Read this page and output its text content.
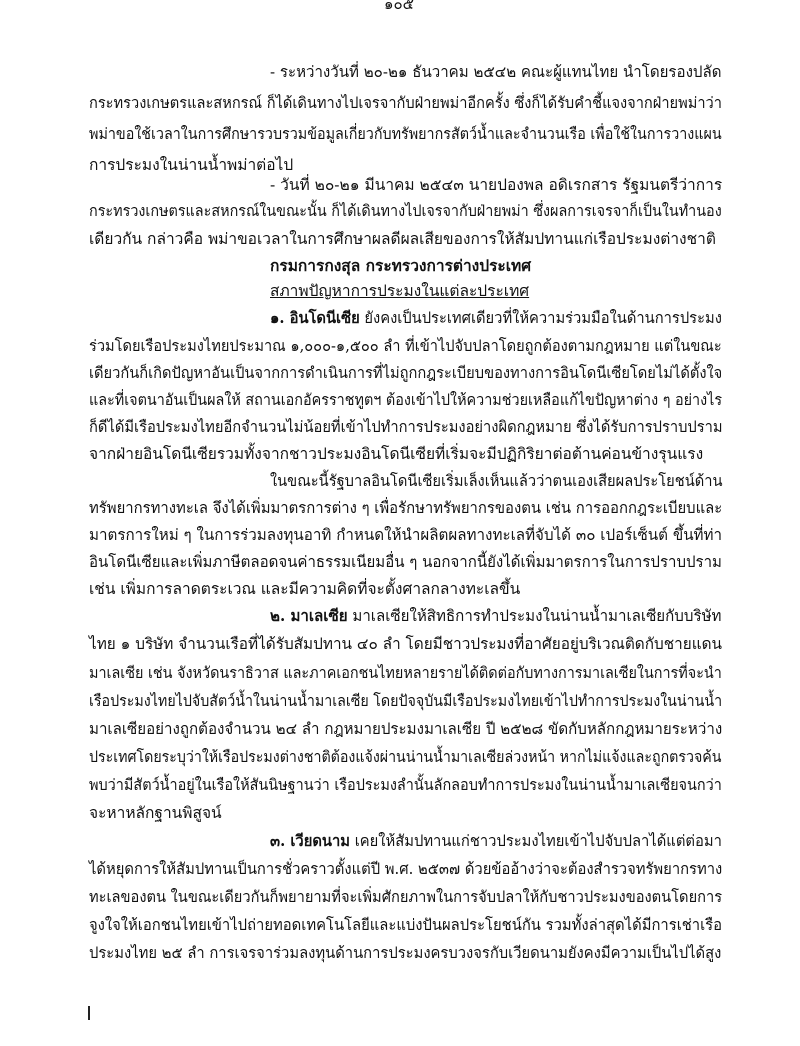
๑๐๕
- ระหว่างวันที่ ๒๐-๒๑ ธันวาคม ๒๕๔๒ คณะผู้แทนไทย นำโดยรองปลัด
กระทรวงเกษตรและสหกรณ์ ก็ได้เดินทางไปเจรจากับฝ่ายพม่าอีกครั้ง ซึ่งก็ได้รับคำชี้แจงจากฝ่ายพม่าว่า
พม่าขอใช้เวลาในการศึกษารวบรวมข้อมูลเกี่ยวกับทรัพยากรสัตว์น้ำและจำนวนเรือ เพื่อใช้ในการวางแผน
การประมงในน่านน้ำพม่าต่อไป
- วันที่ ๒๐-๒๑ มีนาคม ๒๕๔๓ นายปองพล อดิเรกสาร รัฐมนตรีว่าการ
กระทรวงเกษตรและสหกรณ์ในขณะนั้น ก็ได้เดินทางไปเจรจากับฝ่ายพม่า ซึ่งผลการเจรจาก็เป็นในทำนอง
เดียวกัน กล่าวคือ พม่าขอเวลาในการศึกษาผลดีผลเสียของการให้สัมปทานแก่เรือประมงต่างชาติ
กรมการกงสุล กระทรวงการต่างประเทศ
สภาพปัญหาการประมงในแต่ละประเทศ
๑. อินโดนีเซีย ยังคงเป็นประเทศเดียวที่ให้ความร่วมมือในด้านการประมง
ร่วมโดยเรือประมงไทยประมาณ ๑,๐๐๐-๑,๕๐๐ ลำ ที่เข้าไปจับปลาโดยถูกต้องตามกฎหมาย แต่ในขณะ
เดียวกันก็เกิดปัญหาอันเป็นจากการดำเนินการที่ไม่ถูกกฎระเบียบของทางการอินโดนีเซียโดยไม่ได้ตั้งใจ
และที่เจตนาอันเป็นผลให้ สถานเอกอัครราชทูตฯ ต้องเข้าไปให้ความช่วยเหลือแก้ไขปัญหาต่าง ๆ อย่างไร
ก็ดีได้มีเรือประมงไทยอีกจำนวนไม่น้อยที่เข้าไปทำการประมงอย่างผิดกฎหมาย ซึ่งได้รับการปราบปราม
จากฝ่ายอินโดนีเซียรวมทั้งจากชาวประมงอินโดนีเซียที่เริ่มจะมีปฏิกิริยาต่อต้านค่อนข้างรุนแรง
ในขณะนี้รัฐบาลอินโดนีเซียเริ่มเล็งเห็นแล้วว่าตนเองเสียผลประโยชน์ด้าน
ทรัพยากรทางทะเล จึงได้เพิ่มมาตรการต่าง ๆ เพื่อรักษาทรัพยากรของตน เช่น การออกกฎระเบียบและ
มาตรการใหม่ ๆ ในการร่วมลงทุนอาทิ กำหนดให้นำผลิตผลทางทะเลที่จับได้ ๓๐ เปอร์เซ็นต์ ขึ้นที่ท่า
อินโดนีเซียและเพิ่มภาษีตลอดจนค่าธรรมเนียมอื่น ๆ นอกจากนี้ยังได้เพิ่มมาตรการในการปราบปราม
เช่น เพิ่มการลาดตระเวณ และมีความคิดที่จะตั้งศาลกลางทะเลขึ้น
๒. มาเลเซีย มาเลเซียให้สิทธิการทำประมงในน่านน้ำมาเลเซียกับบริษัท
ไทย ๑ บริษัท จำนวนเรือที่ได้รับสัมปทาน ๔๐ ลำ โดยมีชาวประมงที่อาศัยอยู่บริเวณติดกับชายแดน
มาเลเซีย เช่น จังหวัดนราธิวาส และภาคเอกชนไทยหลายรายได้ติดต่อกับทางการมาเลเซียในการที่จะนำ
เรือประมงไทยไปจับสัตว์น้ำในน่านน้ำมาเลเซีย โดยปัจจุบันมีเรือประมงไทยเข้าไปทำการประมงในน่านน้ำ
มาเลเซียอย่างถูกต้องจำนวน ๒๔ ลำ กฎหมายประมงมาเลเซีย ปี ๒๕๒๘ ขัดกับหลักกฎหมายระหว่าง
ประเทศโดยระบุว่าให้เรือประมงต่างชาติต้องแจ้งผ่านน่านน้ำมาเลเซียล่วงหน้า หากไม่แจ้งและถูกตรวจค้น
พบว่ามีสัตว์น้ำอยู่ในเรือให้สันนิษฐานว่า เรือประมงลำนั้นลักลอบทำการประมงในน่านน้ำมาเลเซียจนกว่า
จะหาหลักฐานพิสูจน์
๓. เวียดนาม เคยให้สัมปทานแก่ชาวประมงไทยเข้าไปจับปลาได้แต่ต่อมา
ได้หยุดการให้สัมปทานเป็นการชั่วคราวตั้งแต่ปี พ.ศ. ๒๕๓๗ ด้วยข้ออ้างว่าจะต้องสำรวจทรัพยากรทาง
ทะเลของตน ในขณะเดียวกันก็พยายามที่จะเพิ่มศักยภาพในการจับปลาให้กับชาวประมงของตนโดยการ
จูงใจให้เอกชนไทยเข้าไปถ่ายทอดเทคโนโลยีและแบ่งปันผลประโยชน์กัน รวมทั้งล่าสุดได้มีการเช่าเรือ
ประมงไทย ๒๕ ลำ การเจรจาร่วมลงทุนด้านการประมงครบวงจรกับเวียดนามยังคงมีความเป็นไปได้สูง
